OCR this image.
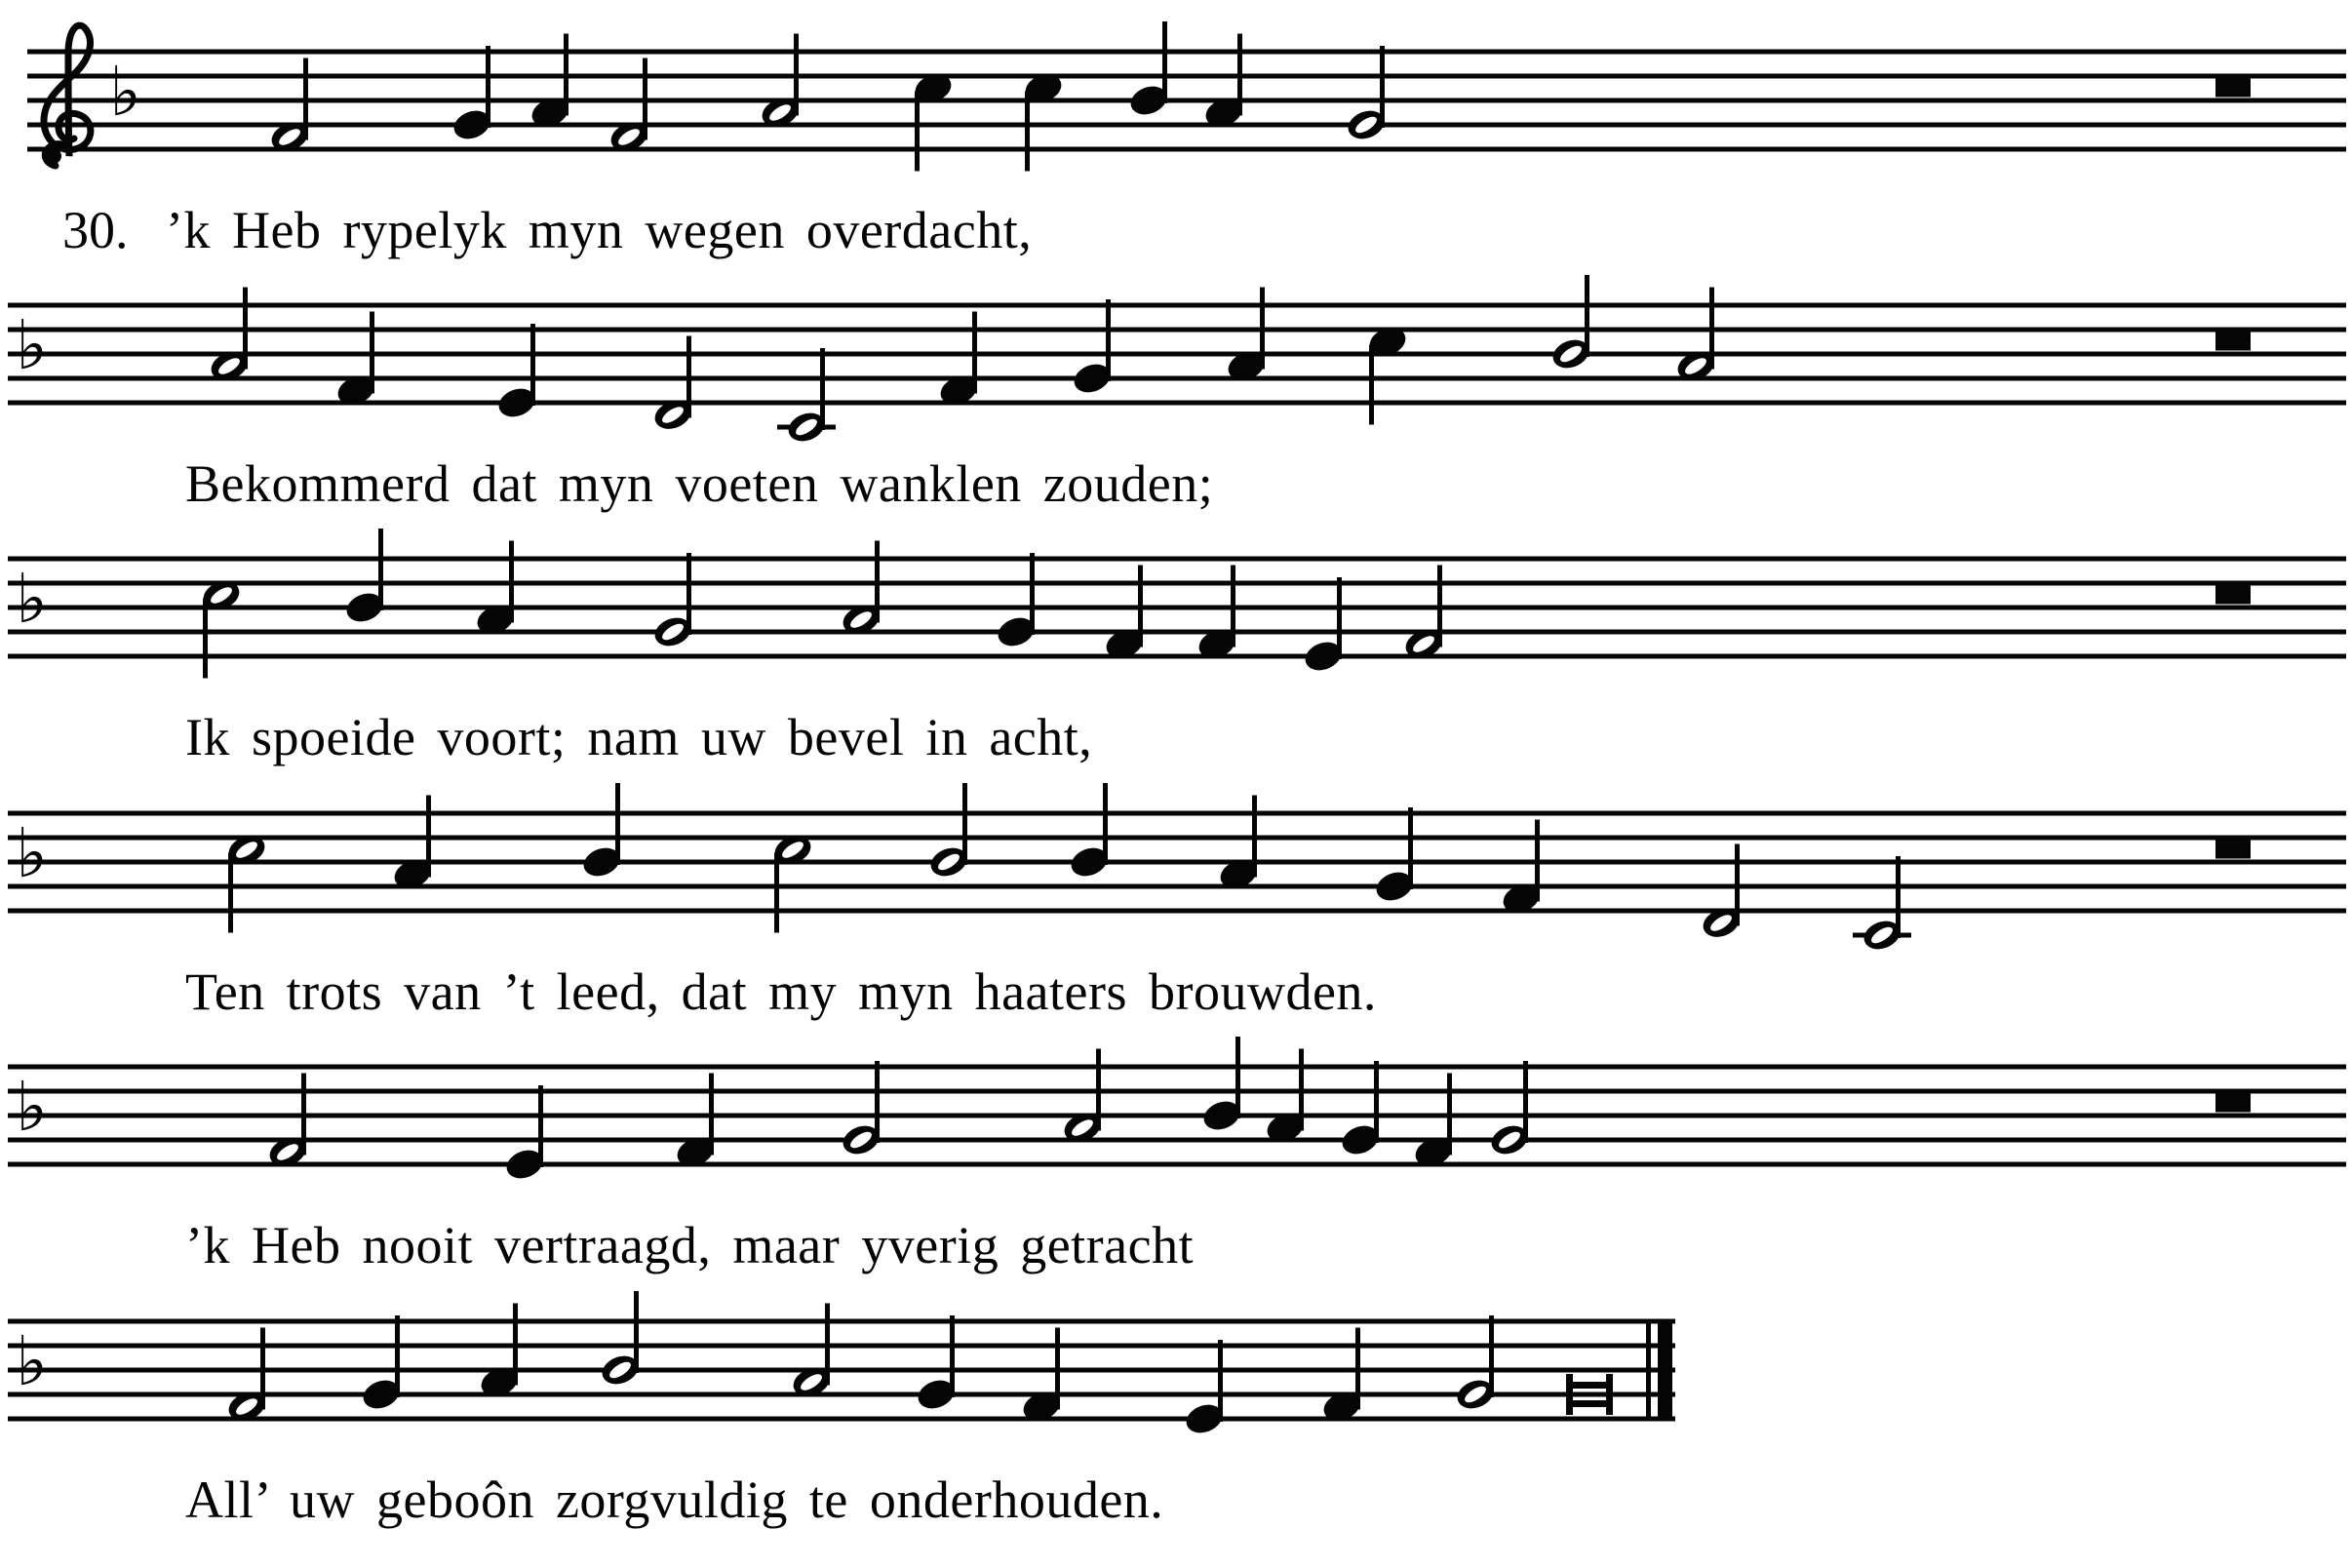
♭
♭
♭
♭
♭
♭
30. ’k Heb rypelyk myn wegen overdacht,
Bekommerd dat myn voeten wanklen zouden;
Ik spoeide voort; nam uw bevel in acht,
Ten trots van ’t leed, dat my myn haaters brouwden.
’k Heb nooit vertraagd, maar yverig getracht
All’ uw geboôn zorgvuldig te onderhouden.
